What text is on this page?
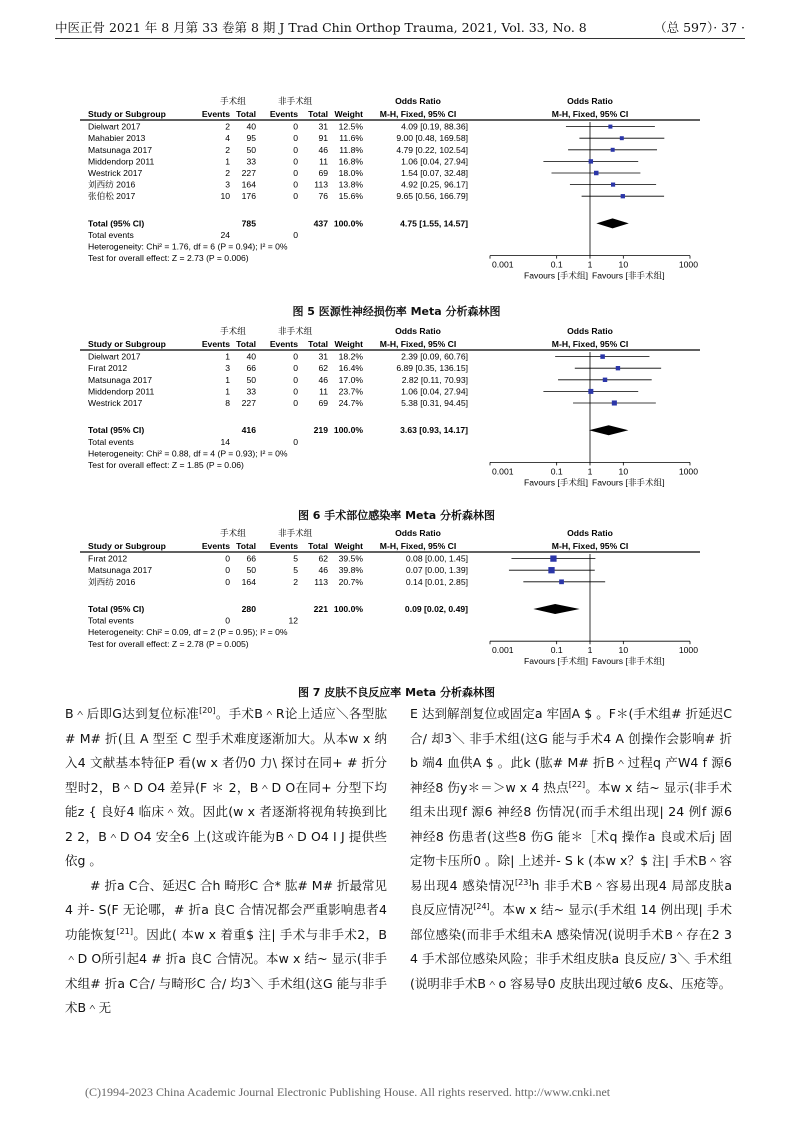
中医正骨 2021 年 8 月第 33 卷第 8 期 J Trad Chin Orthop Trauma, 2021, Vol. 33, No. 8	（总 597）· 37 ·
手术组	非手术组	Odds Ratio	Odds Ratio
Study or Subgroup	Events Total Events Total Weight M-H, Fixed, 95% CI	M-H, Fixed, 95% CI
Dielwart 2017	2 40	0 31 12.5%	4.09 [0.19, 88.36]
Mahabier 2013	4 95	0 91 11.6%	9.00 [0.48, 169.58]
Matsunaga 2017	2 50	0 46 11.8%	4.79 [0.22, 102.54]
Middendorp 2011	1 33	0 11 16.8%	1.06 [0.04, 27.94]
Westrick 2017	2 227	0 69 18.0%	1.54 [0.07, 32.48]
刘西纺 2016	3 164	0 113 13.8%	4.92 [0.25, 96.17]
张伯松 2017	10 176	0 76 15.6%	9.65 [0.56, 166.79]
Total (95% CI)	785	437 100.0%	4.75 [1.55, 14.57]
Total events	24	0
Heterogeneity: Chi² = 1.76, df = 6 (P = 0.94); I² = 0%
Test for overall effect: Z = 2.73 (P = 0.006)
0.001	0.1	1	10	1000
Favours [手术组] Favours [非手术组]
图 5 医源性神经损伤率 Meta 分析森林图
手术组	非手术组	Odds Ratio	Odds Ratio
Study or Subgroup	Events Total Events Total Weight M-H, Fixed, 95% CI	M-H, Fixed, 95% CI
Dielwart 2017	1 40	0 31 18.2%	2.39 [0.09, 60.76]
Fırat 2012	3 66	0 62 16.4%	6.89 [0.35, 136.15]
Matsunaga 2017	1 50	0 46 17.0%	2.82 [0.11, 70.93]
Middendorp 2011	1 33	0 11 23.7%	1.06 [0.04, 27.94]
Westrick 2017	8 227	0 69 24.7%	5.38 [0.31, 94.45]
Total (95% CI)	416	219 100.0%	3.63 [0.93, 14.17]
Total events	14	0
Heterogeneity: Chi² = 0.88, df = 4 (P = 0.93); I² = 0%
Test for overall effect: Z = 1.85 (P = 0.06)
0.001	0.1	1	10	1000
Favours [手术组] Favours [非手术组]
图 6 手术部位感染率 Meta 分析森林图
手术组	非手术组	Odds Ratio	Odds Ratio
Study or Subgroup	Events Total Events Total Weight M-H, Fixed, 95% CI	M-H, Fixed, 95% CI
Fırat 2012	0 66	5 62 39.5%	0.08 [0.00, 1.45]
Matsunaga 2017	0 50	5 46 39.8%	0.07 [0.00, 1.39]
刘西纺 2016	0 164	2 113 20.7%	0.14 [0.01, 2.85]
Total (95% CI)	280	221 100.0%	0.09 [0.02, 0.49]
Total events	0	12
Heterogeneity: Chi² = 0.09, df = 2 (P = 0.95); I² = 0%
Test for overall effect: Z = 2.78 (P = 0.005)
0.001	0.1	1	10	1000
Favours [手术组] Favours [非手术组]
图 7 皮肤不良反应率 Meta 分析森林图

B＾后即G达到复位标准[20]。手术B＾R论上适应＼各型肱# M# 折(且 A 型至 C 型手术难度逐渐加大。从本w x 纳入4 文献基本特征P 看(w x 者仍0 力\ 探讨在同+ # 折分型时2，B＾D O4 差异(F ＊ 2，B＾D O在同+ 分型下均能z { 良好4 临床＾效。因此(w x 者逐渐将视角转换到比2 2，B＾D O4 安全6 上(这或许能为B＾D O4 I J 提供些依g 。

# 折a C合、延迟C 合h 畸形C 合* 肱# M# 折最常见4 并- S(F 无论哪，# 折a 良C 合情况都会严重影响患者4 功能恢复[21]。因此( 本w x 着重$ 注| 手术与非手术2，B＾D O所引起4 # 折a 良C 合情况。本w x 结~ 显示(非手术组# 折a C合/ 与畸形C 合/ 均3＼ 手术组(这G 能与非手术B＾无

E 达到解剖复位或固定a 牢固A $ 。F＊(手术组# 折延迟C 合/ 却3＼ 非手术组(这G 能与手术4 A 创操作会影响# 折b 端4 血供A $ 。此k (肱# M# 折B＾过程q 产W4 f 源6 神经8 伤y＊＝＞w x 4 热点[22]。本w x 结~ 显示(非手术组未出现f 源6 神经8 伤情况(而手术组出现| 24 例f 源6 神经8 伤患者(这些8 伤G 能＊［术q 操作a 良或术后j 固定物卡压所0 。除| 上述并- S k (本w x？$ 注| 手术B＾容易出现4 感染情况[23]h 非手术B＾容易出现4 局部皮肤a 良反应情况[24]。本w x 结~ 显示(手术组 14 例出现| 手术部位感染(而非手术组未A 感染情况(说明手术B＾存在2 3 4 手术部位感染风险；非手术组皮肤a 良反应/ 3＼ 手术组(说明非手术B＾o 容易导0 皮肤出现过敏6 皮&、压疮等。

(C)1994-2023 China Academic Journal Electronic Publishing House. All rights reserved. http://www.cnki.net
